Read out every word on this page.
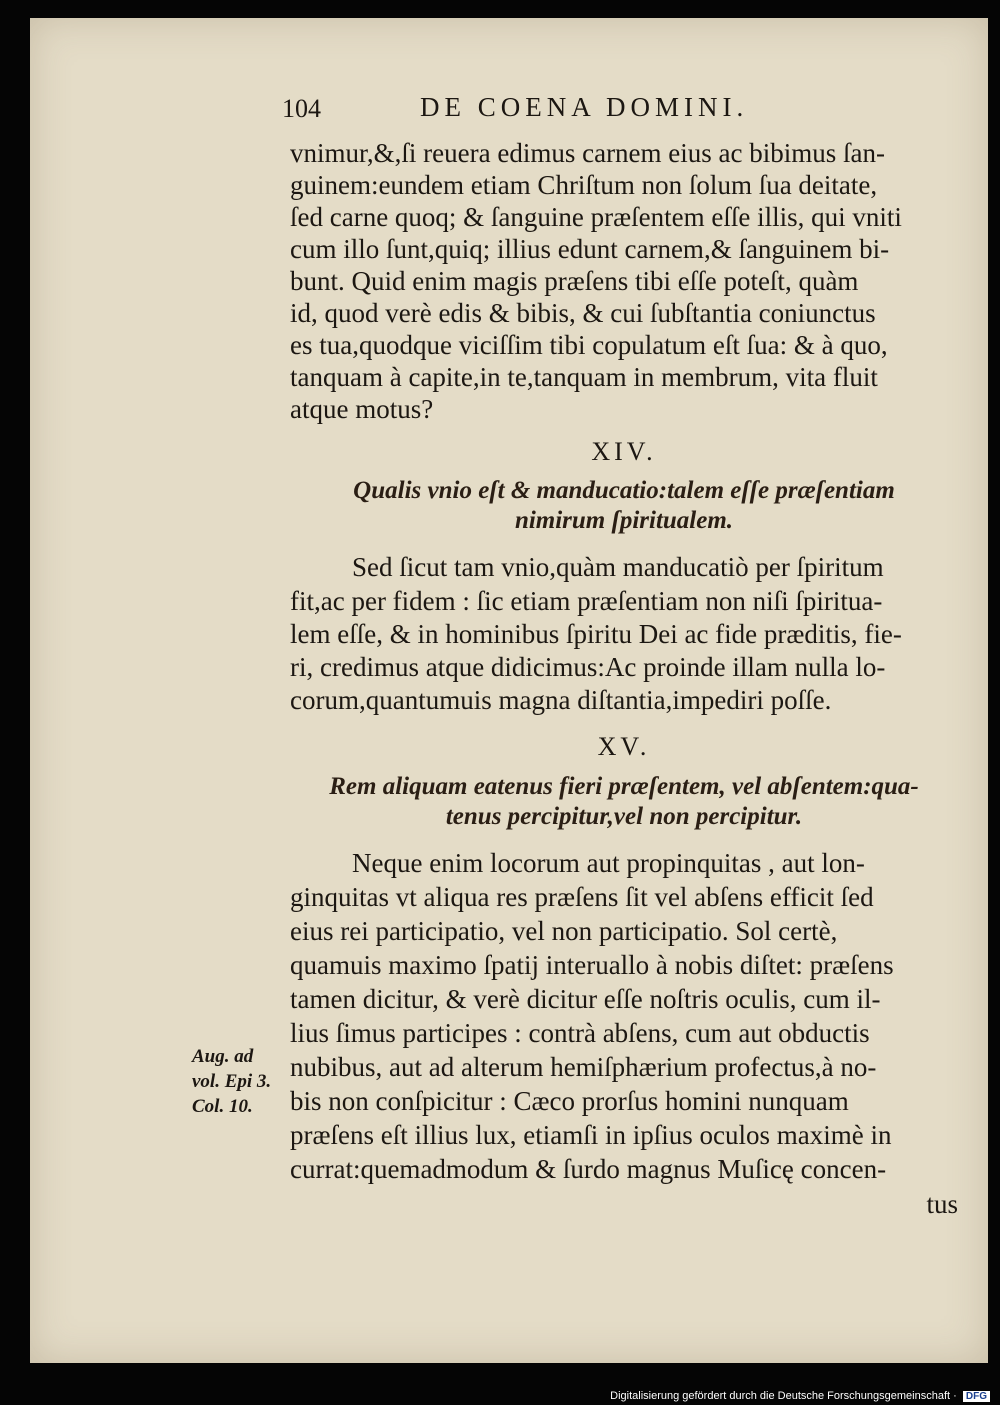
104	DE COENA DOMINI.

vnimur,&,ſi reuera edimus carnem eius ac bibimus ſan-

guinem:eundem etiam Chriſtum non ſolum ſua deitate,

ſed carne quoq; & ſanguine præſentem eſſe illis, qui vniti

cum illo ſunt,quiq; illius edunt carnem,& ſanguinem bi-

bunt. Quid enim magis præſens tibi eſſe poteſt, quàm

id, quod verè edis & bibis, & cui ſubſtantia coniunctus

es tua,quodque viciſſim tibi copulatum eſt ſua: & à quo,

tanquam à capite,in te,tanquam in membrum, vita fluit

atque motus?

XIV.
Qualis vnio eſt & manducatio:talem eſſe præſentiam
nimirum ſpiritualem.

Sed ſicut tam vnio,quàm manducatiò per ſpiritum

fit,ac per fidem : ſic etiam præſentiam non niſi ſpiritua-

lem eſſe, & in hominibus ſpiritu Dei ac fide præditis, fie-

ri, credimus atque didicimus:Ac proinde illam nulla lo-

corum,quantumuis magna diſtantia,impediri poſſe.

XV.
Rem aliquam eatenus fieri præſentem, vel abſentem:qua-
tenus percipitur,vel non percipitur.

Neque enim locorum aut propinquitas , aut lon-

ginquitas vt aliqua res præſens ſit vel abſens efficit ſed

eius rei participatio, vel non participatio. Sol certè,

quamuis maximo ſpatij interuallo à nobis diſtet: præſens

tamen dicitur, & verè dicitur eſſe noſtris oculis, cum il-

lius ſimus participes : contrà abſens, cum aut obductis

nubibus, aut ad alterum hemiſphærium profectus,à no-

bis non conſpicitur : Cæco prorſus homini nunquam

præſens eſt illius lux, etiamſi in ipſius oculos maximè in

currat:quemadmodum & ſurdo magnus Muſicę concen-

tus
Aug. ad
vol. Epi 3.
Col. 10.
Digitalisierung gefördert durch die Deutsche Forschungsgemeinschaft · DFG
